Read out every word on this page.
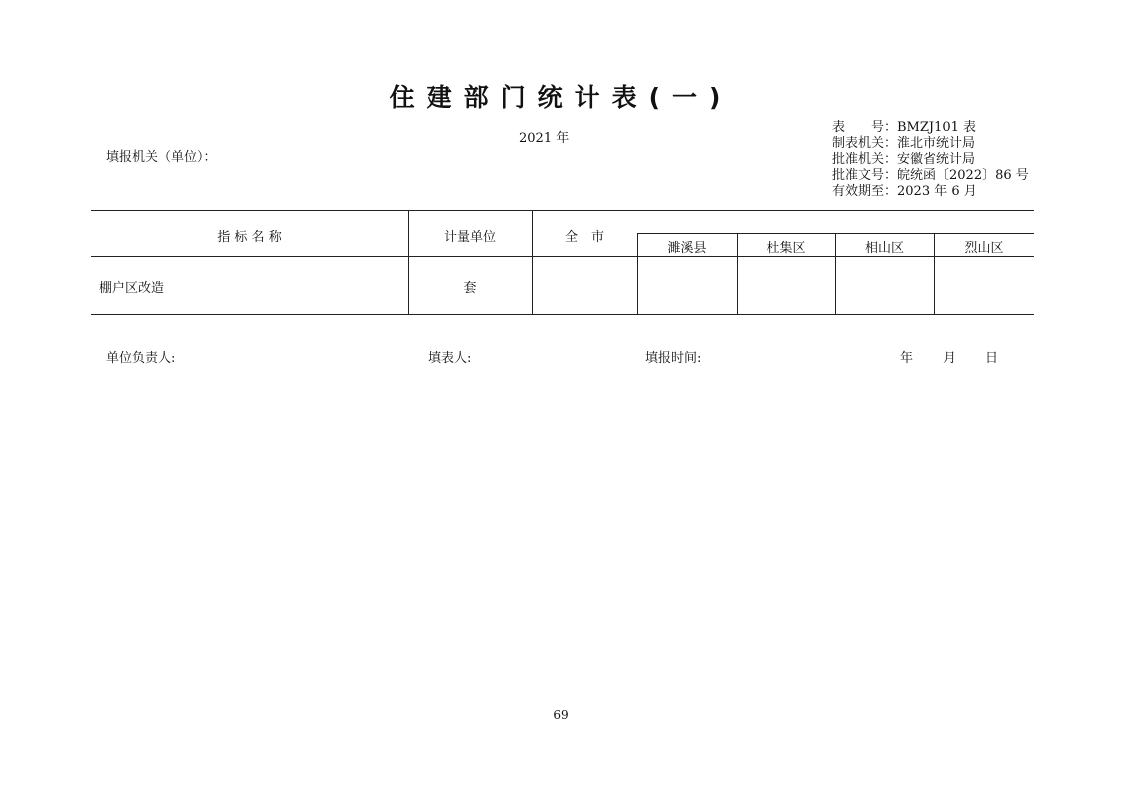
住建部门统计表(一)
2021 年
填报机关（单位）：
表　　号：BMZJ101 表
制表机关：淮北市统计局
批准机关：安徽省统计局
批准文号：皖统函〔2022〕86 号
有效期至：2023 年 6 月
指 标 名 称	计量单位	全　市
濉溪县	杜集区	相山区	烈山区
棚户区改造	套
单位负责人:	填表人:	填报时间:	年 月 日
69
